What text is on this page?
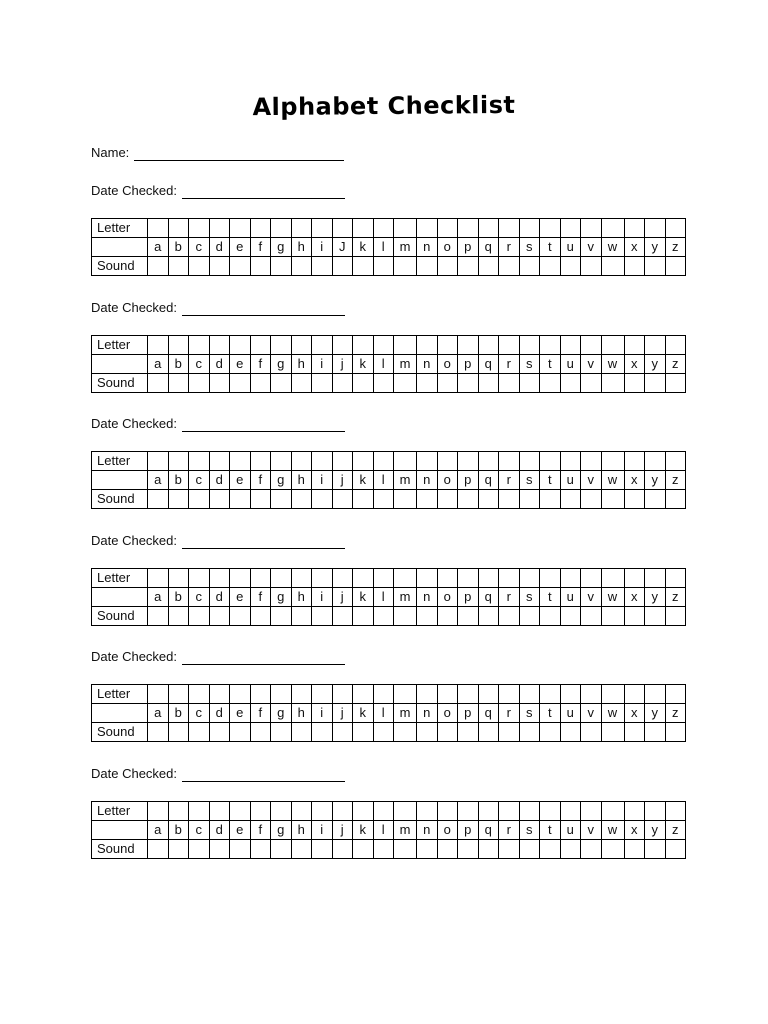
Alphabet Checklist
Name:
Date Checked:
Letter																										
	a	b	c	d	e	f	g	h	i	J	k	l	m	n	o	p	q	r	s	t	u	v	w	x	y	z
Sound																										
Date Checked:
Letter																										
	a	b	c	d	e	f	g	h	i	j	k	l	m	n	o	p	q	r	s	t	u	v	w	x	y	z
Sound																										
Date Checked:
Letter																										
	a	b	c	d	e	f	g	h	i	j	k	l	m	n	o	p	q	r	s	t	u	v	w	x	y	z
Sound																										
Date Checked:
Letter																										
	a	b	c	d	e	f	g	h	i	j	k	l	m	n	o	p	q	r	s	t	u	v	w	x	y	z
Sound																										
Date Checked:
Letter																										
	a	b	c	d	e	f	g	h	i	j	k	l	m	n	o	p	q	r	s	t	u	v	w	x	y	z
Sound																										
Date Checked:
Letter																										
	a	b	c	d	e	f	g	h	i	j	k	l	m	n	o	p	q	r	s	t	u	v	w	x	y	z
Sound																										
